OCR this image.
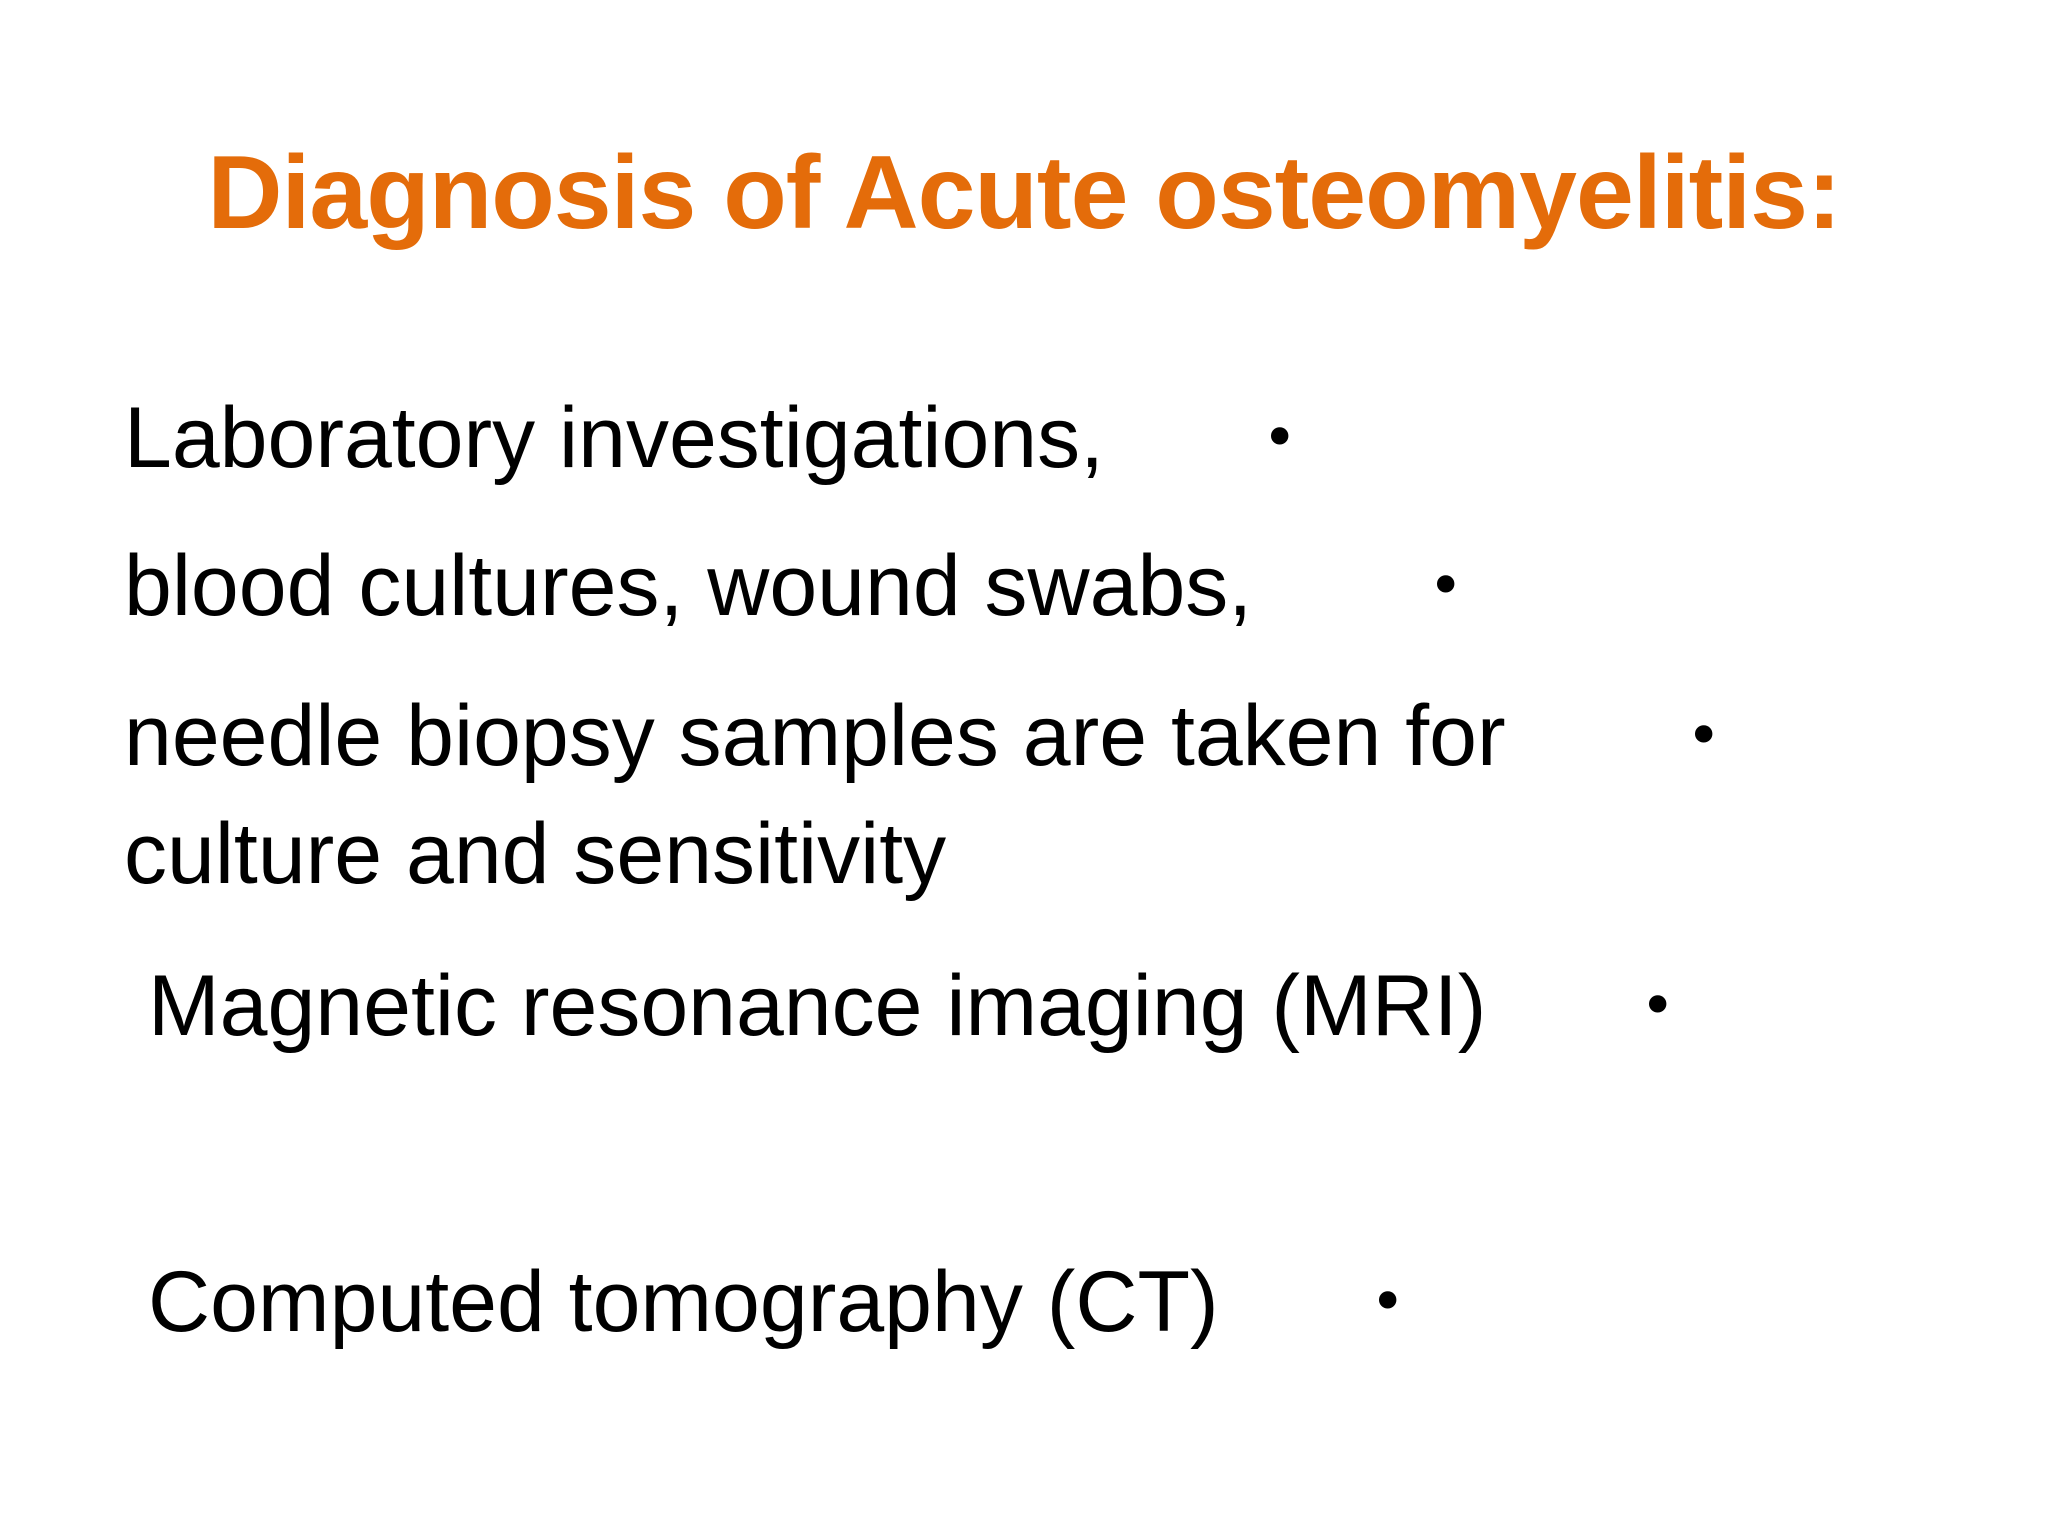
Diagnosis of Acute osteomyelitis:
Laboratory investigations,	•
blood cultures, wound swabs,	•
needle biopsy samples are taken for
culture and sensitivity
•
Magnetic resonance imaging (MRI)	•
Computed tomography (CT)	•
